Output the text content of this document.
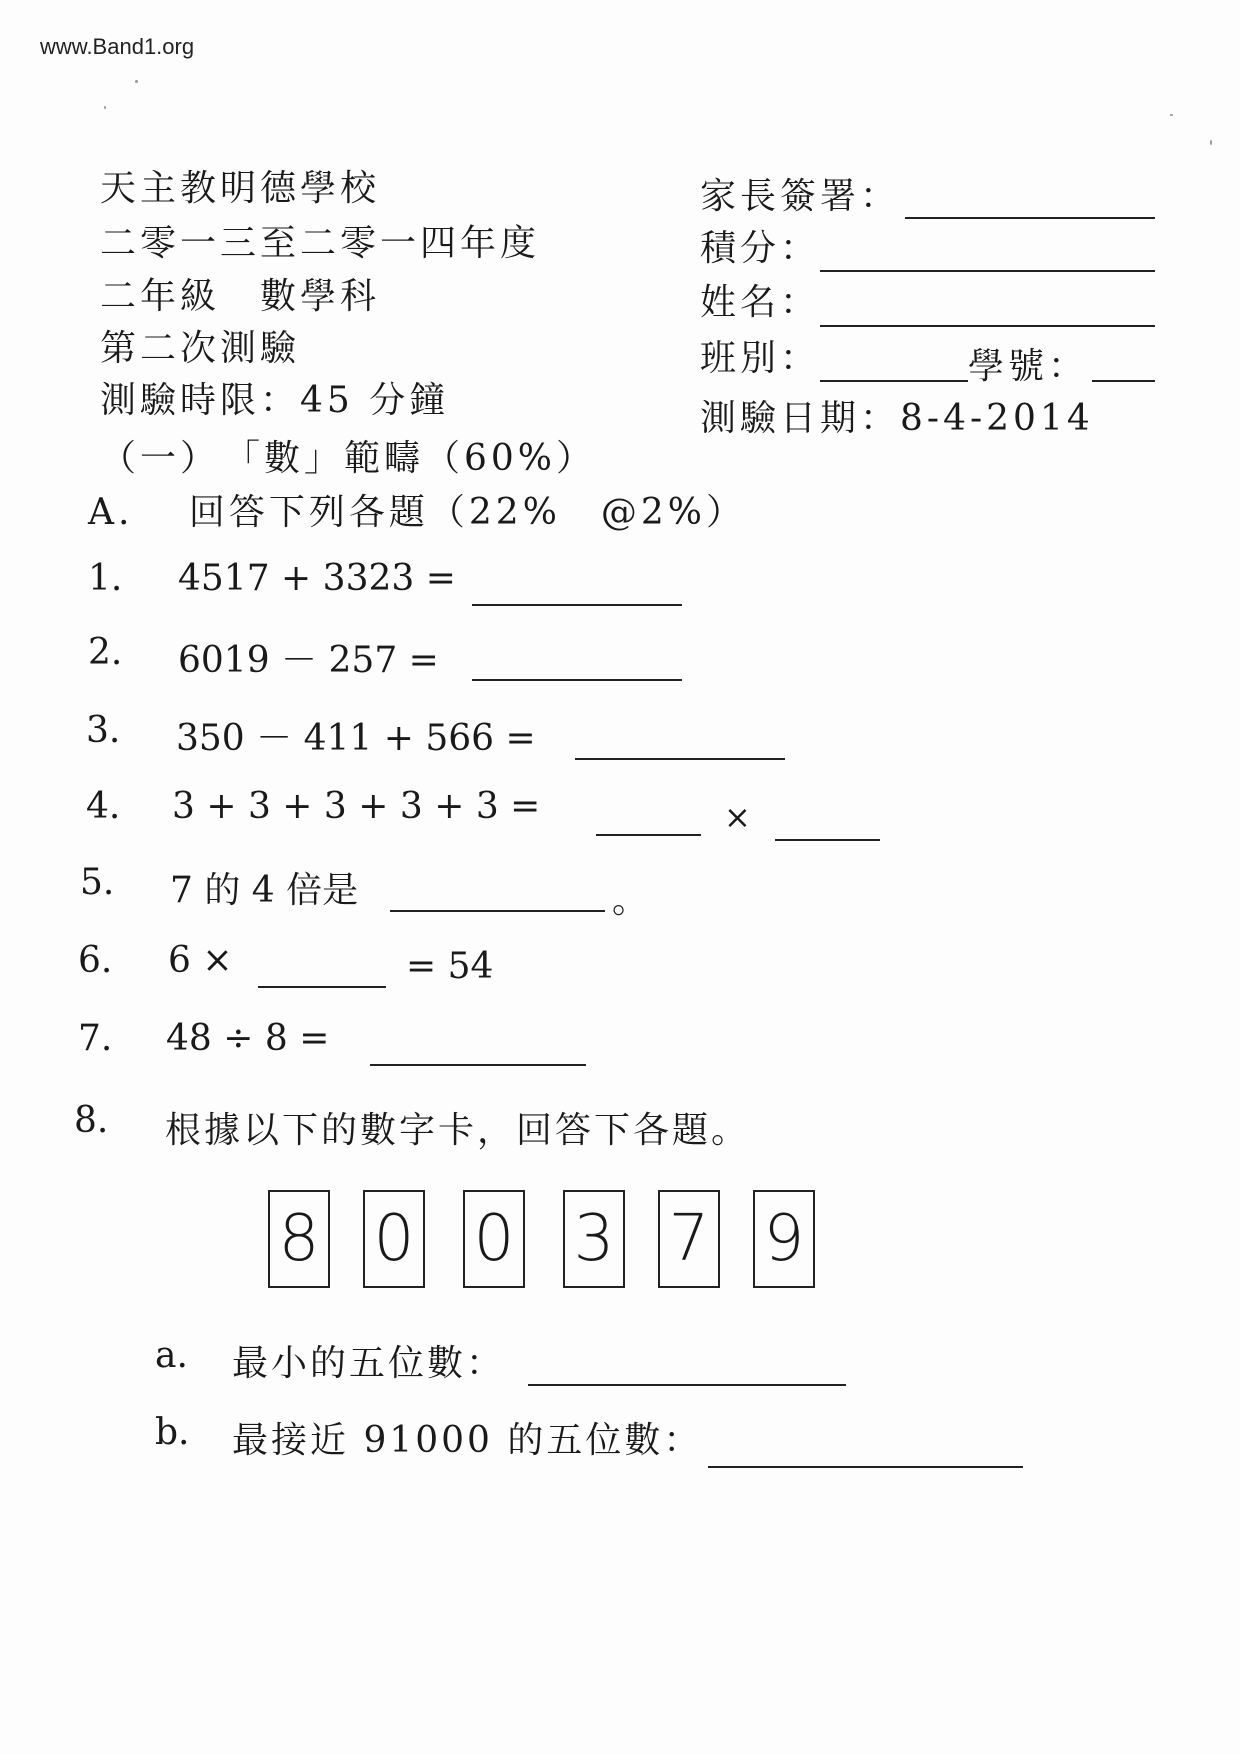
www.Band1.org
天主教明德學校
二零一三至二零一四年度
二年級　數學科
第二次測驗
測驗時限：45 分鐘
家長簽署：
積分：
姓名：
班別：	學號：
測驗日期：8-4-2014
（一）　「數」範疇（60%）
A.　 回答下列各題（22%　@2%）
1. 4517 + 3323 =
2. 6019 － 257 =
3. 350 － 411 + 566 =
4. 3 + 3 + 3 + 3 + 3 =	×
5. 7 的 4 倍是	。
6. 6 ×	= 54
7. 48 ÷ 8 =
8. 根據以下的數字卡，回答下各題。
8 0 0 3 7 9
a. 最小的五位數：
b. 最接近 91000 的五位數：
